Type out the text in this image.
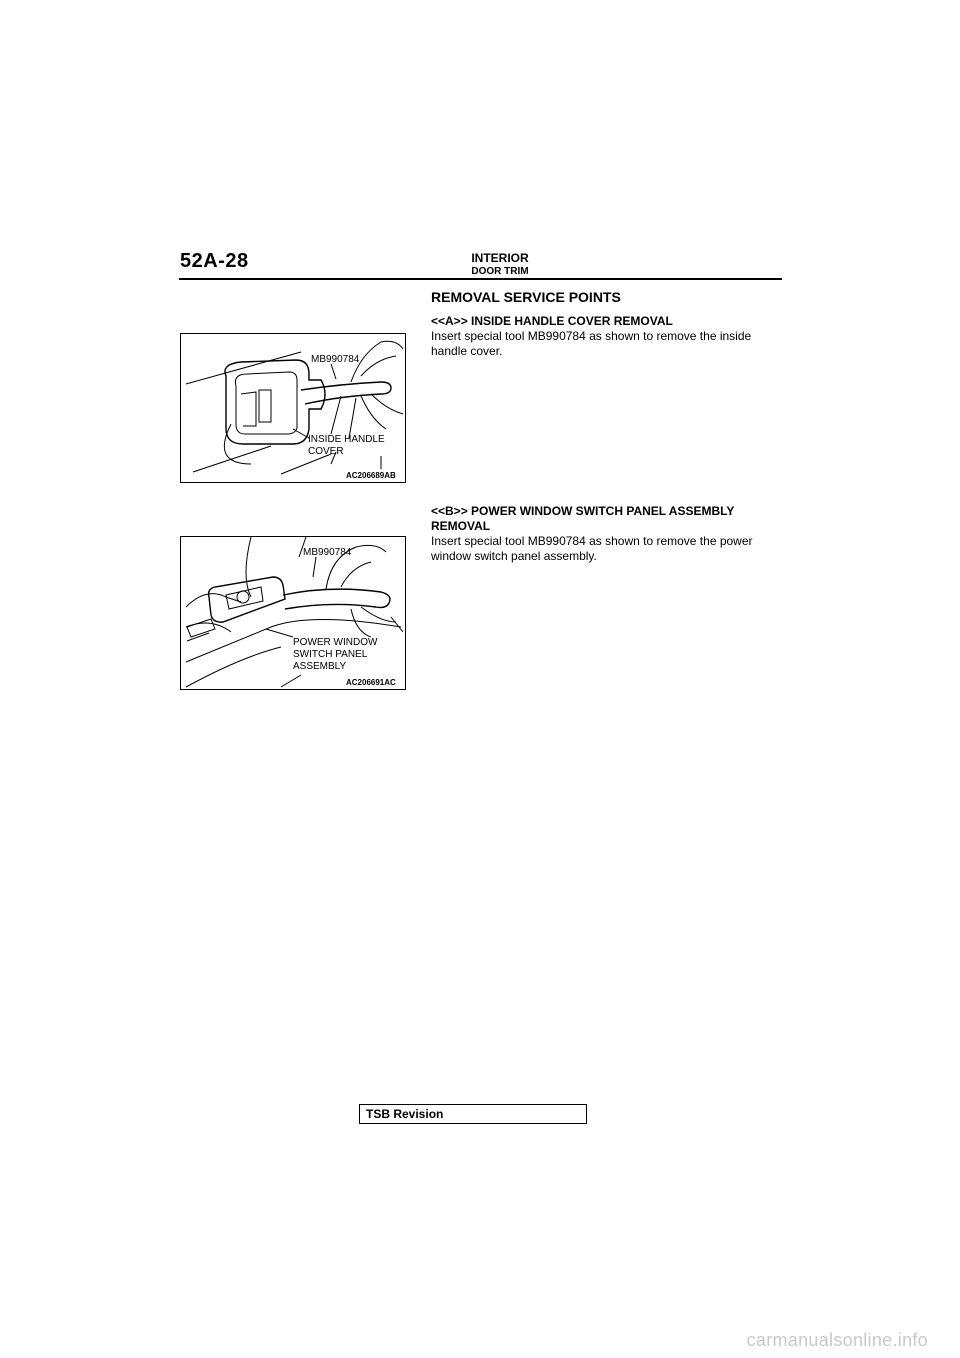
52A-28	INTERIOR
DOOR TRIM
REMOVAL SERVICE POINTS
<<A>> INSIDE HANDLE COVER REMOVAL
Insert special tool MB990784 as shown to remove the inside handle cover.
MB990784
INSIDE HANDLE
COVER
AC206689AB
<<B>> POWER WINDOW SWITCH PANEL ASSEMBLY REMOVAL
Insert special tool MB990784 as shown to remove the power window switch panel assembly.
MB990784
POWER WINDOW
SWITCH PANEL
ASSEMBLY
AC206691AC
TSB Revision
carmanualsonline.info
